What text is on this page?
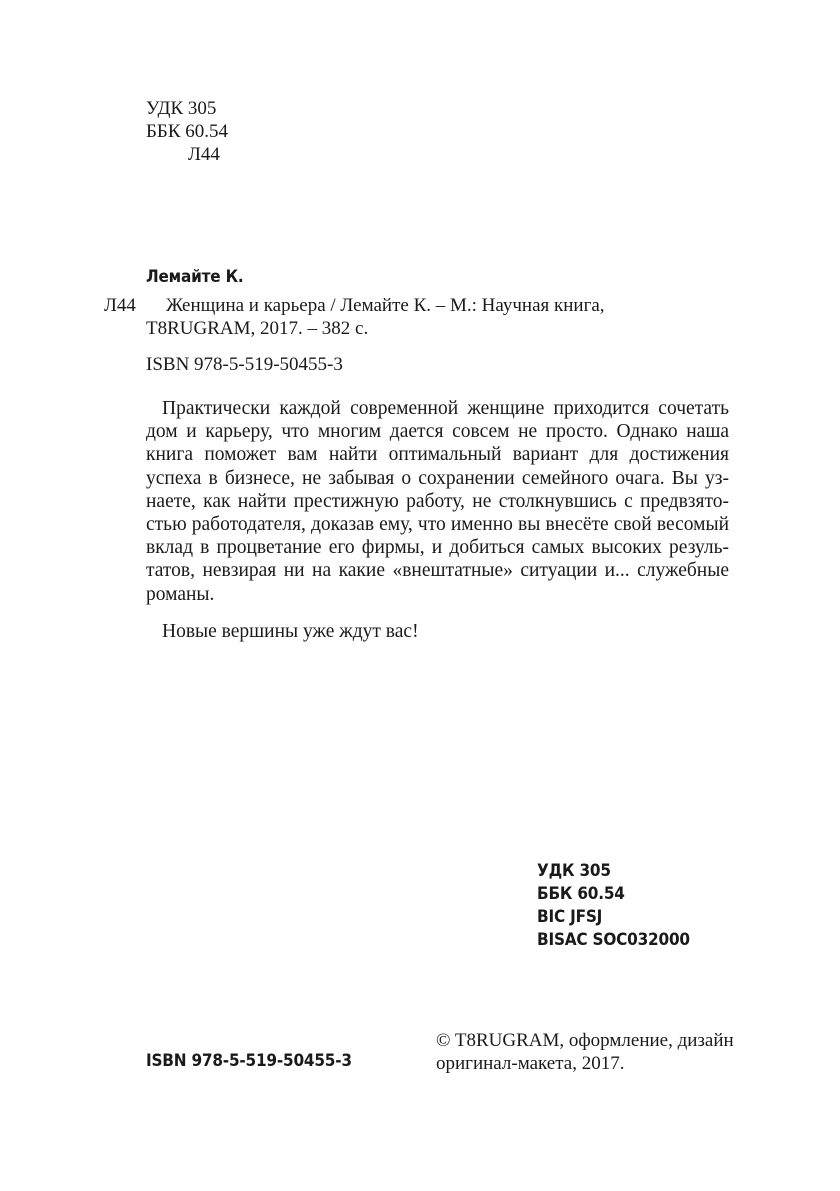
УДК 305
ББК 60.54
Л44
Лемайте К.
Л44 Женщина и карьера / Лемайте К. – М.: Научная книга,
T8RUGRAM, 2017. – 382 с.
ISBN 978-5-519-50455-3
Практически каждой современной женщине приходится сочетать
дом и карьеру, что многим дается совсем не просто. Однако наша
книга поможет вам найти оптимальный вариант для достижения
успеха в бизнесе, не забывая о сохранении семейного очага. Вы уз-
наете, как найти престижную работу, не столкнувшись с предвзято-
стью работодателя, доказав ему, что именно вы внесёте свой весомый
вклад в процветание его фирмы, и добиться самых высоких резуль-
татов, невзирая ни на какие «внештатные» ситуации и... служебные
романы.
Новые вершины уже ждут вас!
УДК 305
ББК 60.54
BIC JFSJ
BISAC SOC032000
ISBN 978-5-519-50455-3
© T8RUGRAM, оформление, дизайн
оригинал-макета, 2017.
